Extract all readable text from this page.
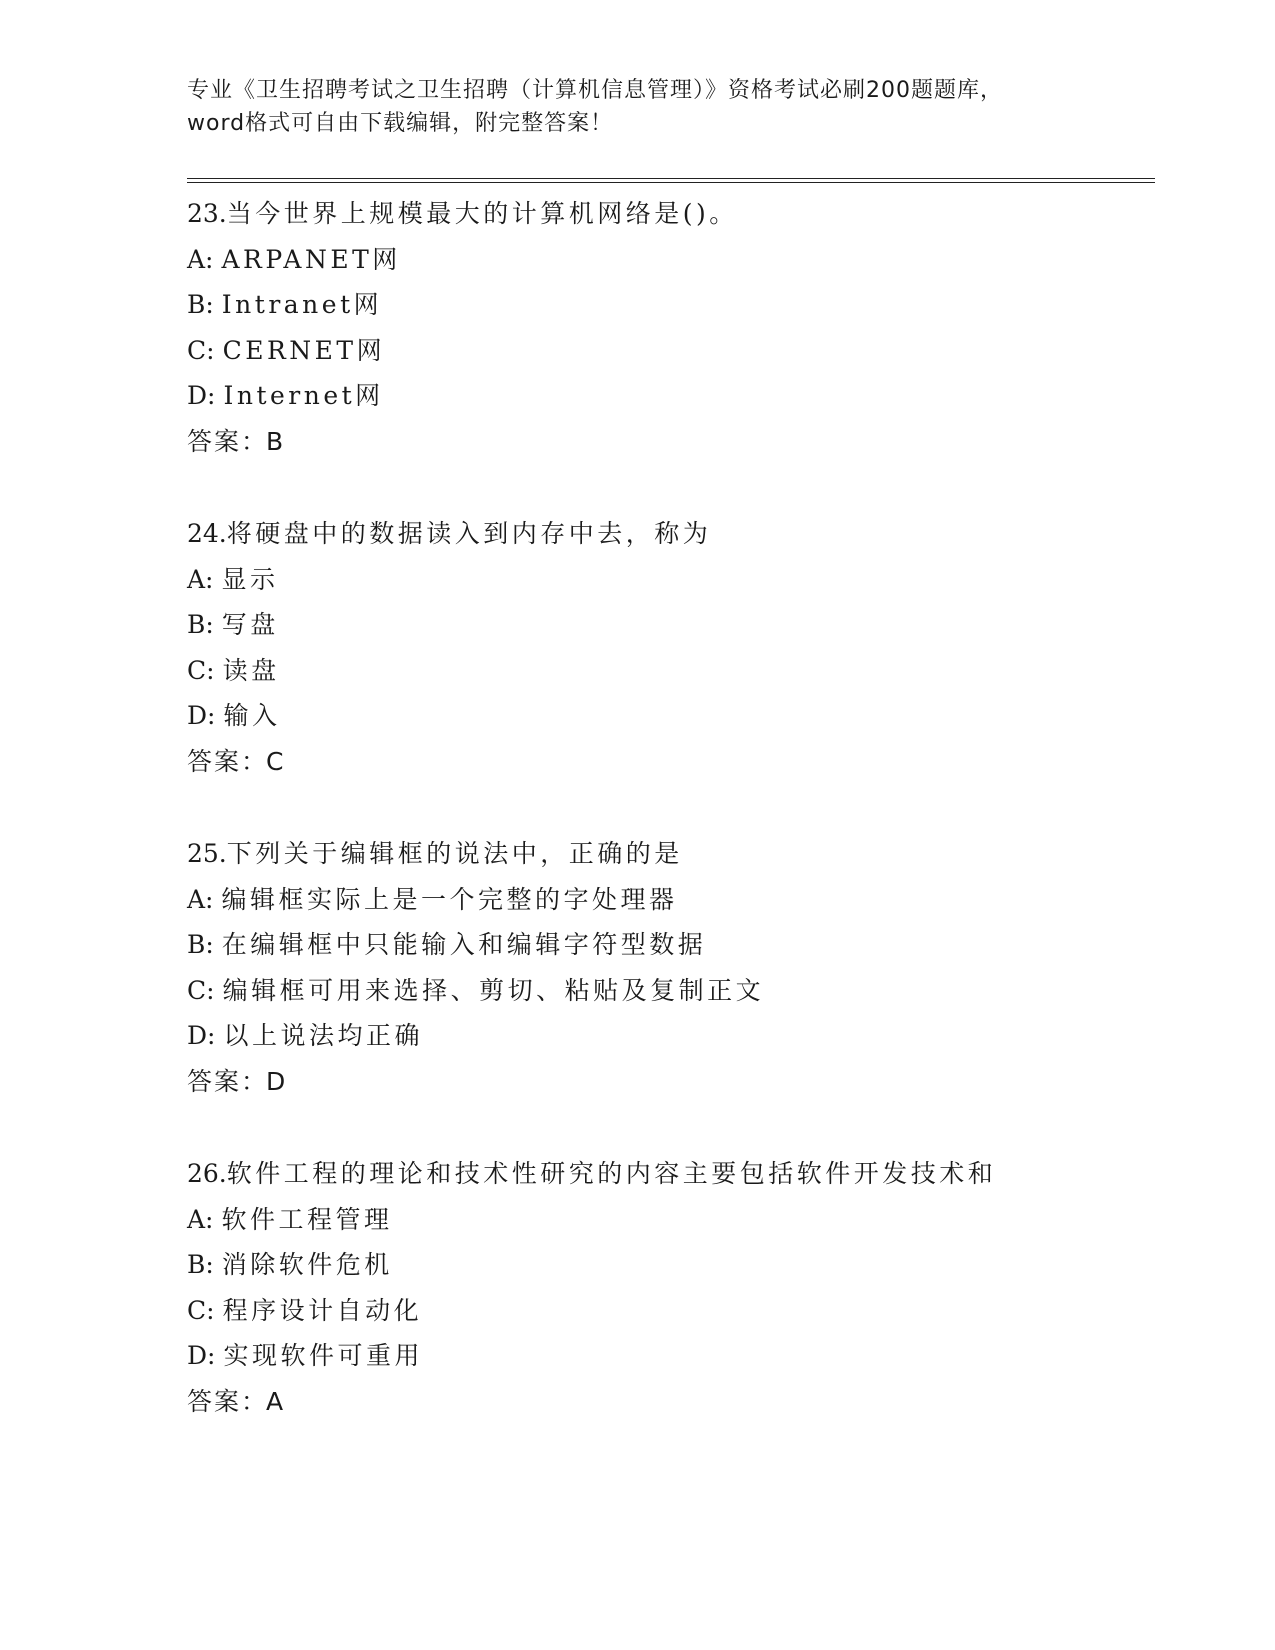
专业《卫生招聘考试之卫生招聘（计算机信息管理）》资格考试必刷200题题库，
word格式可自由下载编辑，附完整答案！
23.当今世界上规模最大的计算机网络是()。
A: ARPANET网
B: Intranet网
C: CERNET网
D: Internet网
答案：B
24.将硬盘中的数据读入到内存中去，称为
A: 显示
B: 写盘
C: 读盘
D: 输入
答案：C
25.下列关于编辑框的说法中，正确的是
A: 编辑框实际上是一个完整的字处理器
B: 在编辑框中只能输入和编辑字符型数据
C: 编辑框可用来选择、剪切、粘贴及复制正文
D: 以上说法均正确
答案：D
26.软件工程的理论和技术性研究的内容主要包括软件开发技术和
A: 软件工程管理
B: 消除软件危机
C: 程序设计自动化
D: 实现软件可重用
答案：A
